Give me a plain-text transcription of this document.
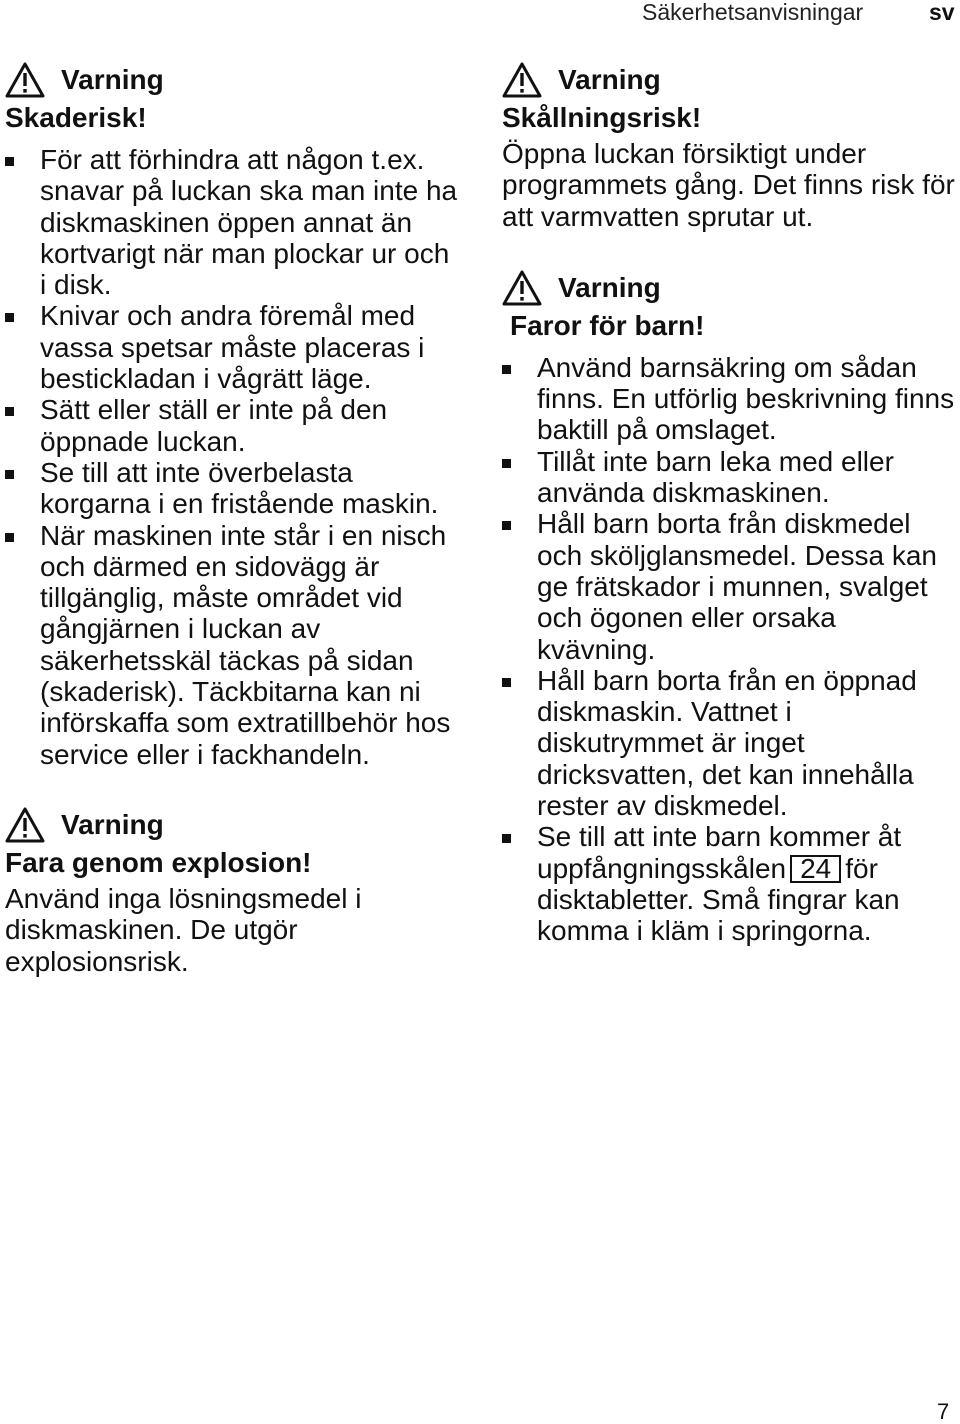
Säkerhetsanvisningar	sv
Varning
Skaderisk!
För att förhindra att någon t.ex. snavar på luckan ska man inte ha diskmaskinen öppen annat än kortvarigt när man plockar ur och i disk.
Knivar och andra föremål med vassa spetsar måste placeras i bestickladan i vågrätt läge.
Sätt eller ställ er inte på den öppnade luckan.
Se till att inte överbelasta korgarna i en fristående maskin.
När maskinen inte står i en nisch och därmed en sidovägg är tillgänglig, måste området vid gångjärnen i luckan av säkerhetsskäl täckas på sidan (skaderisk). Täckbitarna kan ni införskaffa som extratillbehör hos service eller i fackhandeln.
Varning
Fara genom explosion!

Använd inga lösningsmedel i diskmaskinen. De utgör explosionsrisk.

Varning
Skållningsrisk!

Öppna luckan försiktigt under programmets gång. Det finns risk för att varmvatten sprutar ut.

Varning
Faror för barn!
Använd barnsäkring om sådan finns. En utförlig beskrivning finns baktill på omslaget.
Tillåt inte barn leka med eller använda diskmaskinen.
Håll barn borta från diskmedel och sköljglansmedel. Dessa kan ge frätskador i munnen, svalget och ögonen eller orsaka kvävning.
Håll barn borta från en öppnad diskmaskin. Vattnet i diskutrymmet är inget dricksvatten, det kan innehålla rester av diskmedel.
Se till att inte barn kommer åt uppfångningsskålen 24 för disktabletter. Små fingrar kan komma i kläm i springorna.
7
